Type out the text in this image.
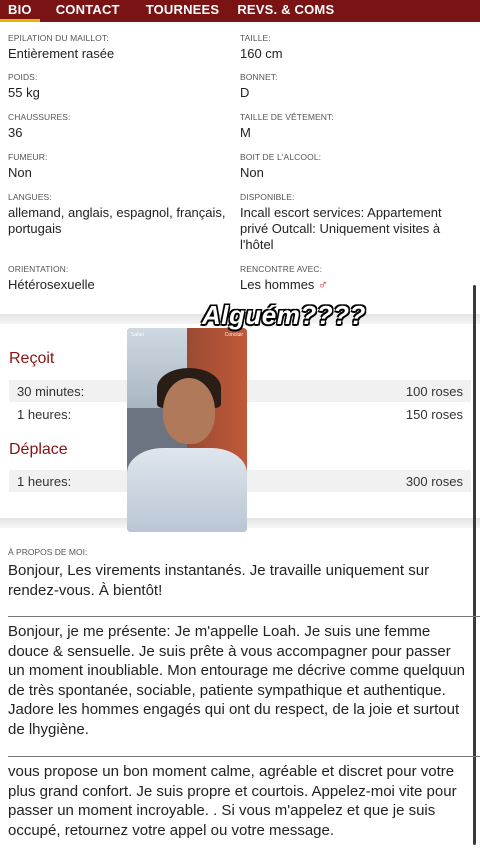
BIO	CONTACT	TOURNEES	REVS. & COMS
EPILATION DU MAILLOT:
Entièrement rasée
TAILLE:
160 cm
POIDS:
55 kg
BONNET:
D
CHAUSSURES:
36
TAILLE DE VÊTEMENT:
M
FUMEUR:
Non
BOIT DE L'ALCOOL:
Non
LANGUES:
allemand, anglais, espagnol, français, portugais
DISPONIBLE:
Incall escort services: Appartement privé Outcall: Uniquement visites à l'hôtel
ORIENTATION:
Hétérosexuelle
RENCONTRE AVEC:
Les hommes ♂
Reçoit
30 minutes:	100 roses
1 heures:	150 roses
Déplace
1 heures:	300 roses
Safari	Concluir
Alguém????
À PROPOS DE MOI:
Bonjour, Les virements instantanés. Je travaille uniquement sur rendez-vous. À bientôt!
Bonjour, je me présente: Je m'appelle Loah. Je suis une femme douce & sensuelle. Je suis prête à vous accompagner pour passer un moment inoubliable. Mon entourage me décrive comme quelquun de très spontanée, sociable, patiente sympathique et authentique. Jadore les hommes engagés qui ont du respect, de la joie et surtout de lhygiène.
vous propose un bon moment calme, agréable et discret pour votre plus grand confort. Je suis propre et courtois. Appelez-moi vite pour passer un moment incroyable. . Si vous m'appelez et que je suis occupé, retournez votre appel ou votre message.
